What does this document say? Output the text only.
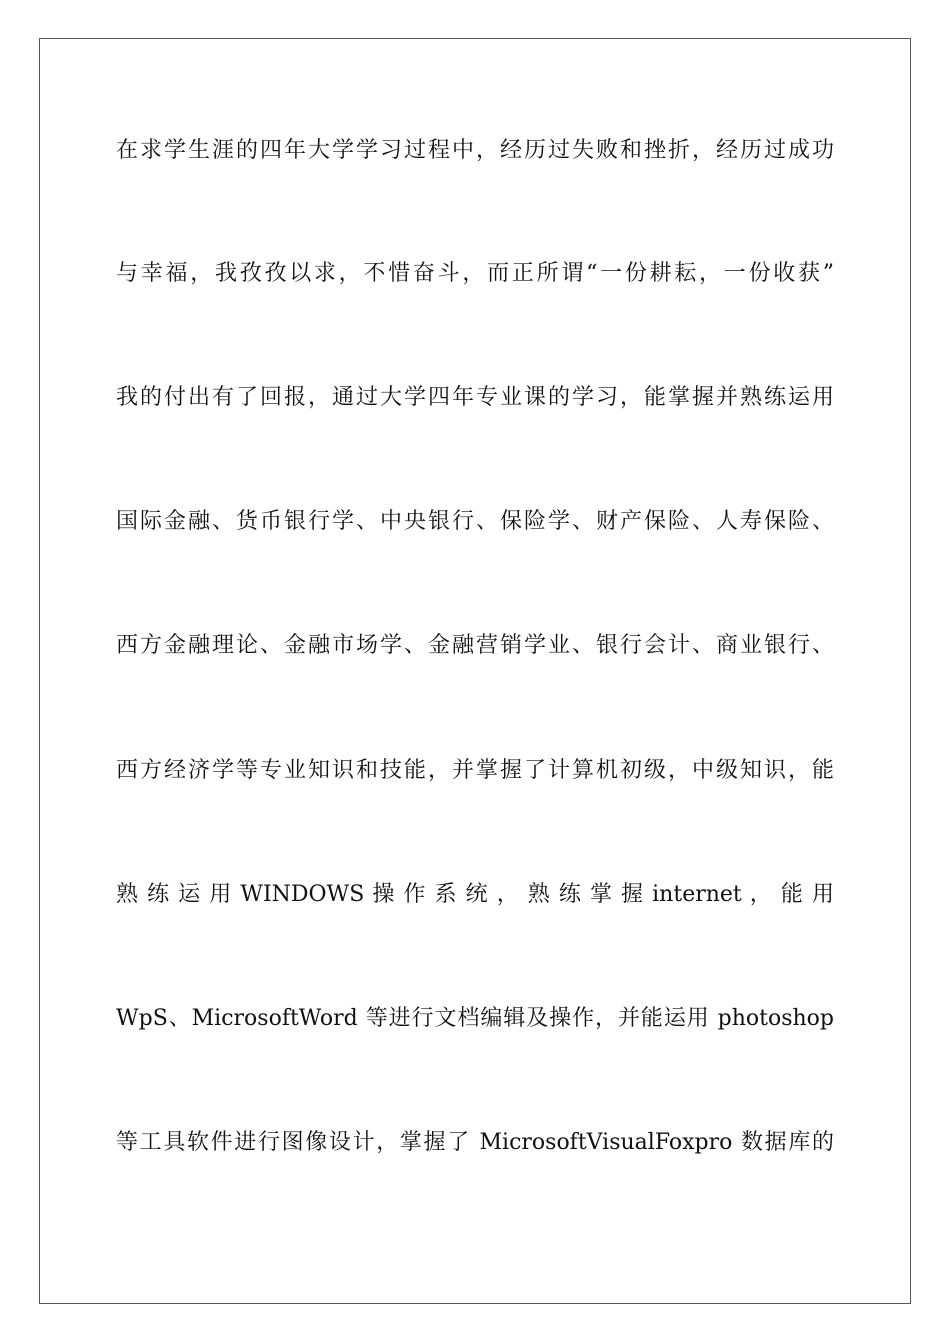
在求学生涯的四年大学学习过程中，经历过失败和挫折，经历过成功

与幸福，我孜孜以求，不惜奋斗，而正所谓“一份耕耘，一份收获”

我的付出有了回报，通过大学四年专业课的学习，能掌握并熟练运用

国际金融、货币银行学、中央银行、保险学、财产保险、人寿保险、

西方金融理论、金融市场学、金融营销学业、银行会计、商业银行、

西方经济学等专业知识和技能，并掌握了计算机初级，中级知识，能

熟 练 运 用 WINDOWS 操 作 系 统 ， 熟 练 掌 握 internet ， 能 用

WpS、MicrosoftWord 等进行文档编辑及操作，并能运用 photoshop

等工具软件进行图像设计，掌握了 MicrosoftVisualFoxpro 数据库的
